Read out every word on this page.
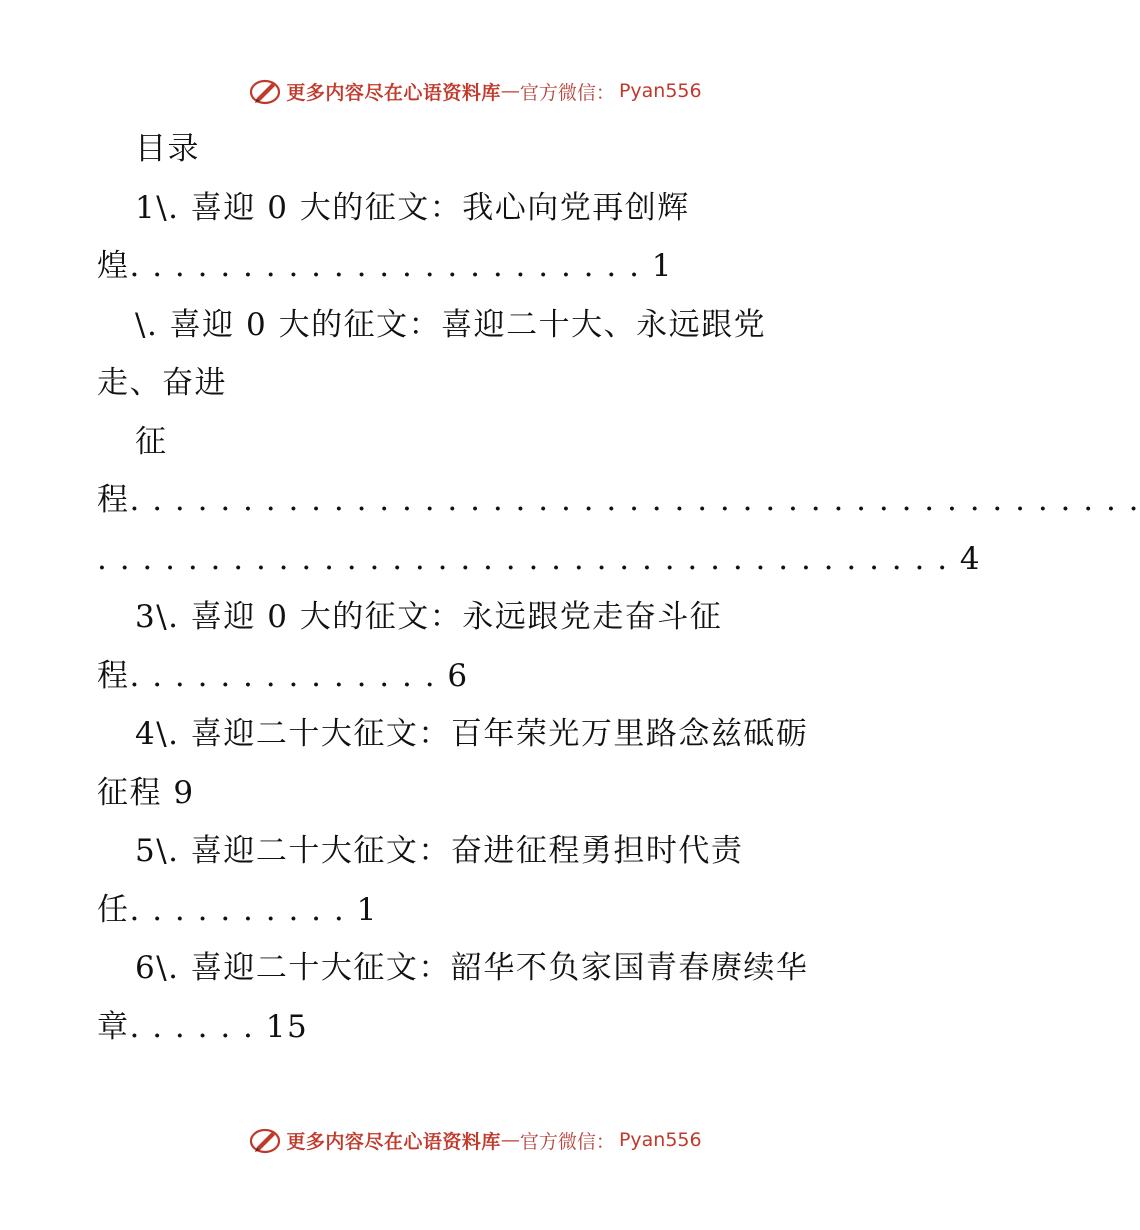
更多内容尽在心语资料库 — 官方微信： Pyan556
目录
1\. 喜迎 0 大的征文：我心向党再创辉
煌. . . . . . . . . . . . . . . . . . . . . . . 1
\. 喜迎 0 大的征文：喜迎二十大、永远跟党
走、奋进
征
程. . . . . . . . . . . . . . . . . . . . . . . . . . . . . . . . . . . . . . . . . . . . .
. . . . . . . . . . . . . . . . . . . . . . . . . . . . . . . . . . . . . . 4
3\. 喜迎 0 大的征文：永远跟党走奋斗征
程. . . . . . . . . . . . . . 6
4\. 喜迎二十大征文：百年荣光万里路念兹砥砺
征程 9
5\. 喜迎二十大征文：奋进征程勇担时代责
任. . . . . . . . . . 1
6\. 喜迎二十大征文：韶华不负家国青春赓续华
章. . . . . . 15
更多内容尽在心语资料库 — 官方微信： Pyan556
